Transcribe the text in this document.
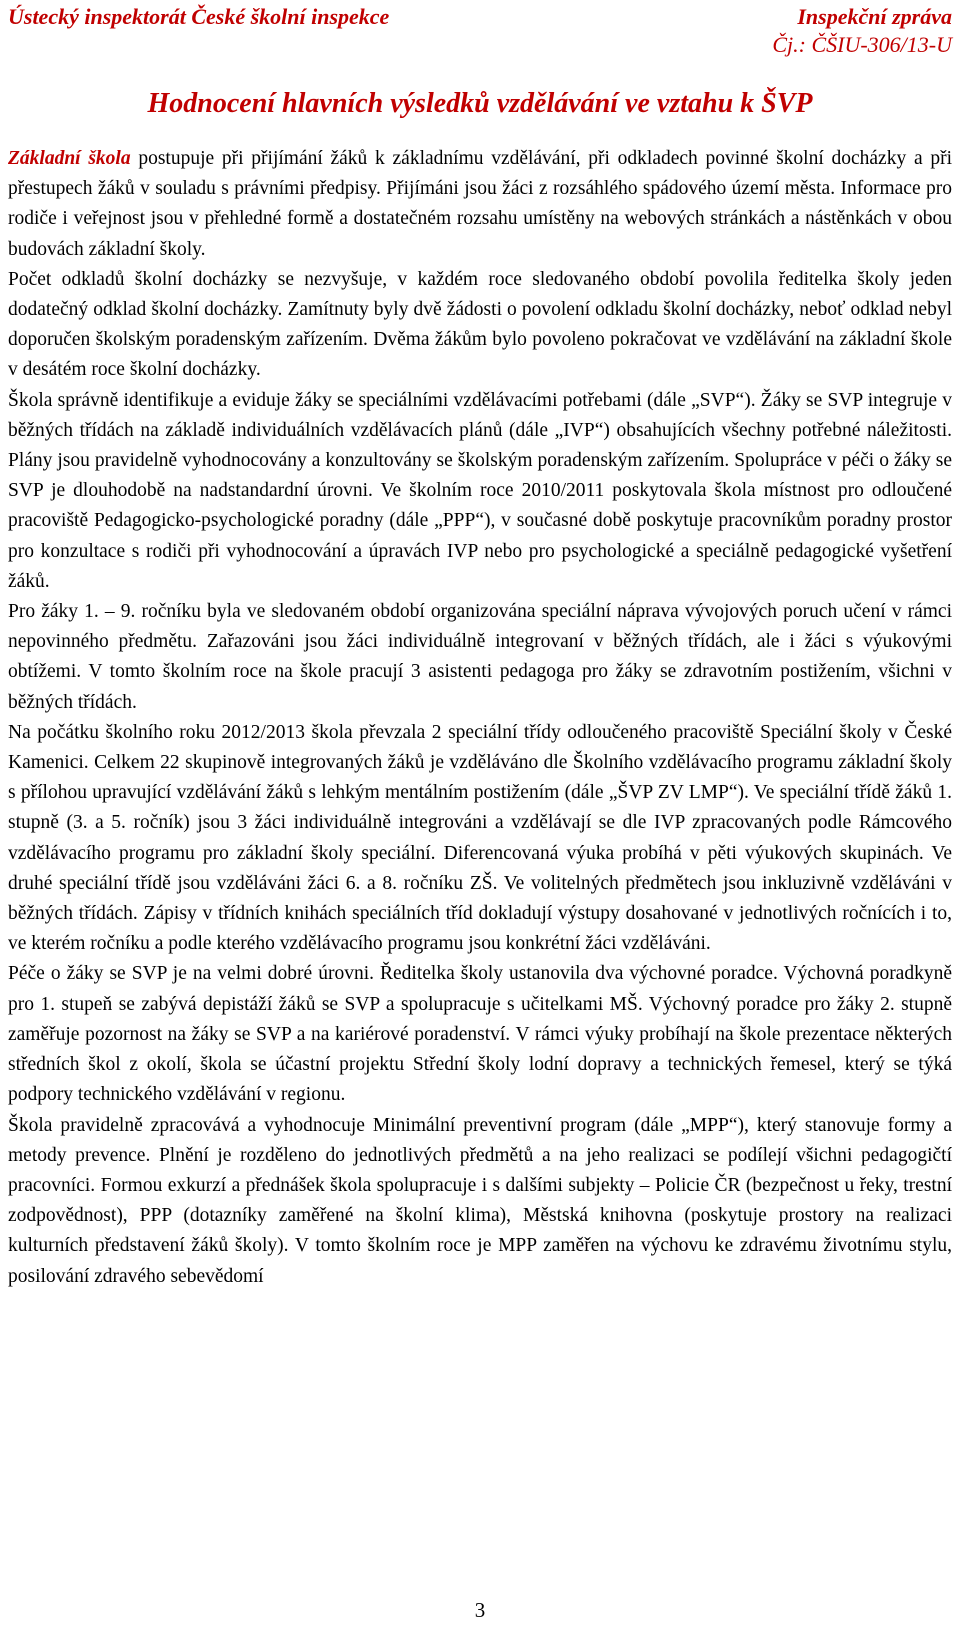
Ústecký inspektorát České školní inspekce	Inspekční zpráva
Čj.: ČŠIU-306/13-U
Hodnocení hlavních výsledků vzdělávání ve vztahu k ŠVP

Základní škola postupuje při přijímání žáků k základnímu vzdělávání, při odkladech povinné školní docházky a při přestupech žáků v souladu s právními předpisy. Přijímáni jsou žáci z rozsáhlého spádového území města. Informace pro rodiče i veřejnost jsou v přehledné formě a dostatečném rozsahu umístěny na webových stránkách a nástěnkách v obou budovách základní školy.

Počet odkladů školní docházky se nezvyšuje, v každém roce sledovaného období povolila ředitelka školy jeden dodatečný odklad školní docházky. Zamítnuty byly dvě žádosti o povolení odkladu školní docházky, neboť odklad nebyl doporučen školským poradenským zařízením. Dvěma žákům bylo povoleno pokračovat ve vzdělávání na základní škole v desátém roce školní docházky.

Škola správně identifikuje a eviduje žáky se speciálními vzdělávacími potřebami (dále „SVP“). Žáky se SVP integruje v běžných třídách na základě individuálních vzdělávacích plánů (dále „IVP“) obsahujících všechny potřebné náležitosti. Plány jsou pravidelně vyhodnocovány a konzultovány se školským poradenským zařízením. Spolupráce v péči o žáky se SVP je dlouhodobě na nadstandardní úrovni. Ve školním roce 2010/2011 poskytovala škola místnost pro odloučené pracoviště Pedagogicko-psychologické poradny (dále „PPP“), v současné době poskytuje pracovníkům poradny prostor pro konzultace s rodiči při vyhodnocování a úpravách IVP nebo pro psychologické a speciálně pedagogické vyšetření žáků.

Pro žáky 1. – 9. ročníku byla ve sledovaném období organizována speciální náprava vývojových poruch učení v rámci nepovinného předmětu. Zařazováni jsou žáci individuálně integrovaní v běžných třídách, ale i žáci s výukovými obtížemi. V tomto školním roce na škole pracují 3 asistenti pedagoga pro žáky se zdravotním postižením, všichni v běžných třídách.

Na počátku školního roku 2012/2013 škola převzala 2 speciální třídy odloučeného pracoviště Speciální školy v České Kamenici. Celkem 22 skupinově integrovaných žáků je vzděláváno dle Školního vzdělávacího programu základní školy s přílohou upravující vzdělávání žáků s lehkým mentálním postižením (dále „ŠVP ZV LMP“). Ve speciální třídě žáků 1. stupně (3. a 5. ročník) jsou 3 žáci individuálně integrováni a vzdělávají se dle IVP zpracovaných podle Rámcového vzdělávacího programu pro základní školy speciální. Diferencovaná výuka probíhá v pěti výukových skupinách. Ve druhé speciální třídě jsou vzděláváni žáci 6. a 8. ročníku ZŠ. Ve volitelných předmětech jsou inkluzivně vzděláváni v běžných třídách. Zápisy v třídních knihách speciálních tříd dokladují výstupy dosahované v jednotlivých ročnících i to, ve kterém ročníku a podle kterého vzdělávacího programu jsou konkrétní žáci vzděláváni.

Péče o žáky se SVP je na velmi dobré úrovni. Ředitelka školy ustanovila dva výchovné poradce. Výchovná poradkyně pro 1. stupeň se zabývá depistáží žáků se SVP a spolupracuje s učitelkami MŠ. Výchovný poradce pro žáky 2. stupně zaměřuje pozornost na žáky se SVP a na kariérové poradenství. V rámci výuky probíhají na škole prezentace některých středních škol z okolí, škola se účastní projektu Střední školy lodní dopravy a technických řemesel, který se týká podpory technického vzdělávání v regionu.

Škola pravidelně zpracovává a vyhodnocuje Minimální preventivní program (dále „MPP“), který stanovuje formy a metody prevence. Plnění je rozděleno do jednotlivých předmětů a na jeho realizaci se podílejí všichni pedagogičtí pracovníci. Formou exkurzí a přednášek škola spolupracuje i s dalšími subjekty – Policie ČR (bezpečnost u řeky, trestní zodpovědnost), PPP (dotazníky zaměřené na školní klima), Městská knihovna (poskytuje prostory na realizaci kulturních představení žáků školy). V tomto školním roce je MPP zaměřen na výchovu ke zdravému životnímu stylu, posilování zdravého sebevědomí

3
